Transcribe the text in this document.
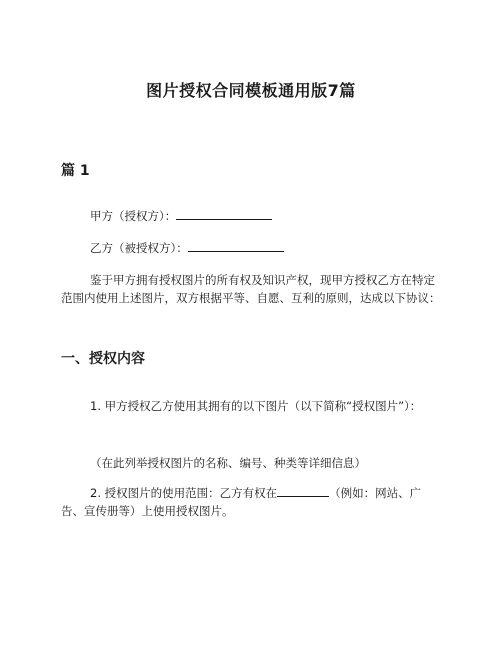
图片授权合同模板通用版7篇
篇 1
甲方（授权方）：
乙方（被授权方）：

鉴于甲方拥有授权图片的所有权及知识产权，现甲方授权乙方在特定范围内使用上述图片，双方根据平等、自愿、互利的原则，达成以下协议：

一、授权内容

1. 甲方授权乙方使用其拥有的以下图片（以下简称“授权图片”）：

（在此列举授权图片的名称、编号、种类等详细信息）

2. 授权图片的使用范围：乙方有权在	（例如：网站、广告、宣传册等）上使用授权图片。
